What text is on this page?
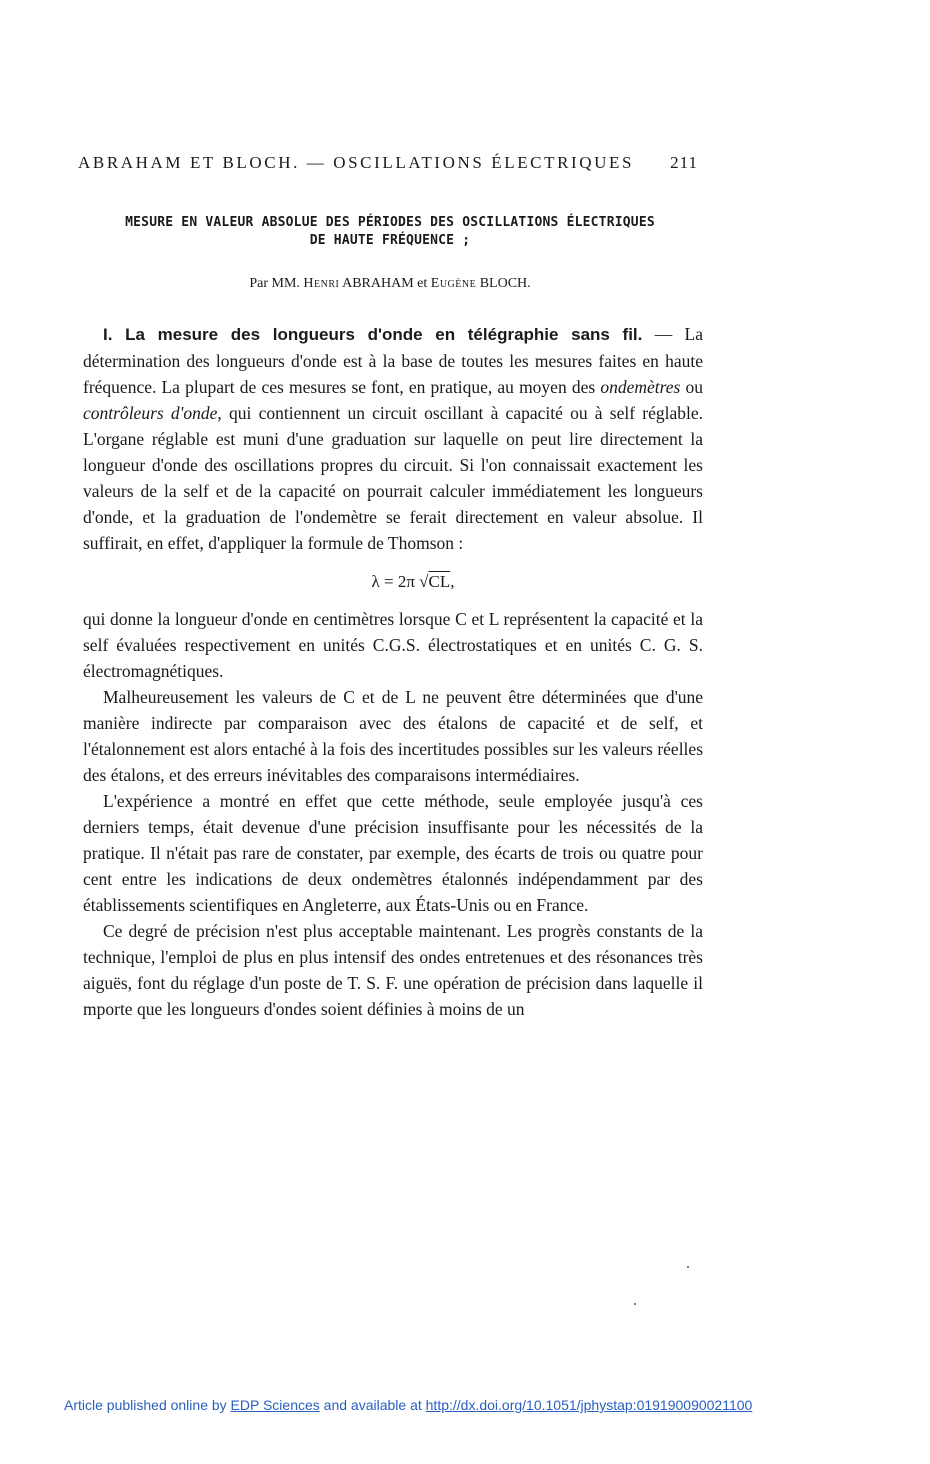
ABRAHAM ET BLOCH. — OSCILLATIONS ÉLECTRIQUES 211
MESURE EN VALEUR ABSOLUE DES PÉRIODES DES OSCILLATIONS ÉLECTRIQUES
DE HAUTE FRÉQUENCE ;
Par MM. Henri ABRAHAM et Eugène BLOCH.

I. La mesure des longueurs d'onde en télégraphie sans fil. — La détermination des longueurs d'onde est à la base de toutes les mesures faites en haute fréquence. La plupart de ces mesures se font, en pratique, au moyen des ondemètres ou contrôleurs d'onde, qui contiennent un circuit oscillant à capacité ou à self réglable. L'organe réglable est muni d'une graduation sur laquelle on peut lire directement la longueur d'onde des oscillations propres du circuit. Si l'on connaissait exactement les valeurs de la self et de la capacité on pourrait calculer immédiatement les longueurs d'onde, et la graduation de l'ondemètre se ferait directement en valeur absolue. Il suffirait, en effet, d'appliquer la formule de Thomson :

λ = 2π √CL,

qui donne la longueur d'onde en centimètres lorsque C et L représentent la capacité et la self évaluées respectivement en unités C.G.S. électrostatiques et en unités C. G. S. électromagnétiques.

Malheureusement les valeurs de C et de L ne peuvent être déterminées que d'une manière indirecte par comparaison avec des étalons de capacité et de self, et l'étalonnement est alors entaché à la fois des incertitudes possibles sur les valeurs réelles des étalons, et des erreurs inévitables des comparaisons intermédiaires.

L'expérience a montré en effet que cette méthode, seule employée jusqu'à ces derniers temps, était devenue d'une précision insuffisante pour les nécessités de la pratique. Il n'était pas rare de constater, par exemple, des écarts de trois ou quatre pour cent entre les indications de deux ondemètres étalonnés indépendamment par des établissements scientifiques en Angleterre, aux États-Unis ou en France.

Ce degré de précision n'est plus acceptable maintenant. Les progrès constants de la technique, l'emploi de plus en plus intensif des ondes entretenues et des résonances très aiguës, font du réglage d'un poste de T. S. F. une opération de précision dans laquelle il mporte que les longueurs d'ondes soient définies à moins de un

Article published online by EDP Sciences and available at http://dx.doi.org/10.1051/jphystap:019190090021100
